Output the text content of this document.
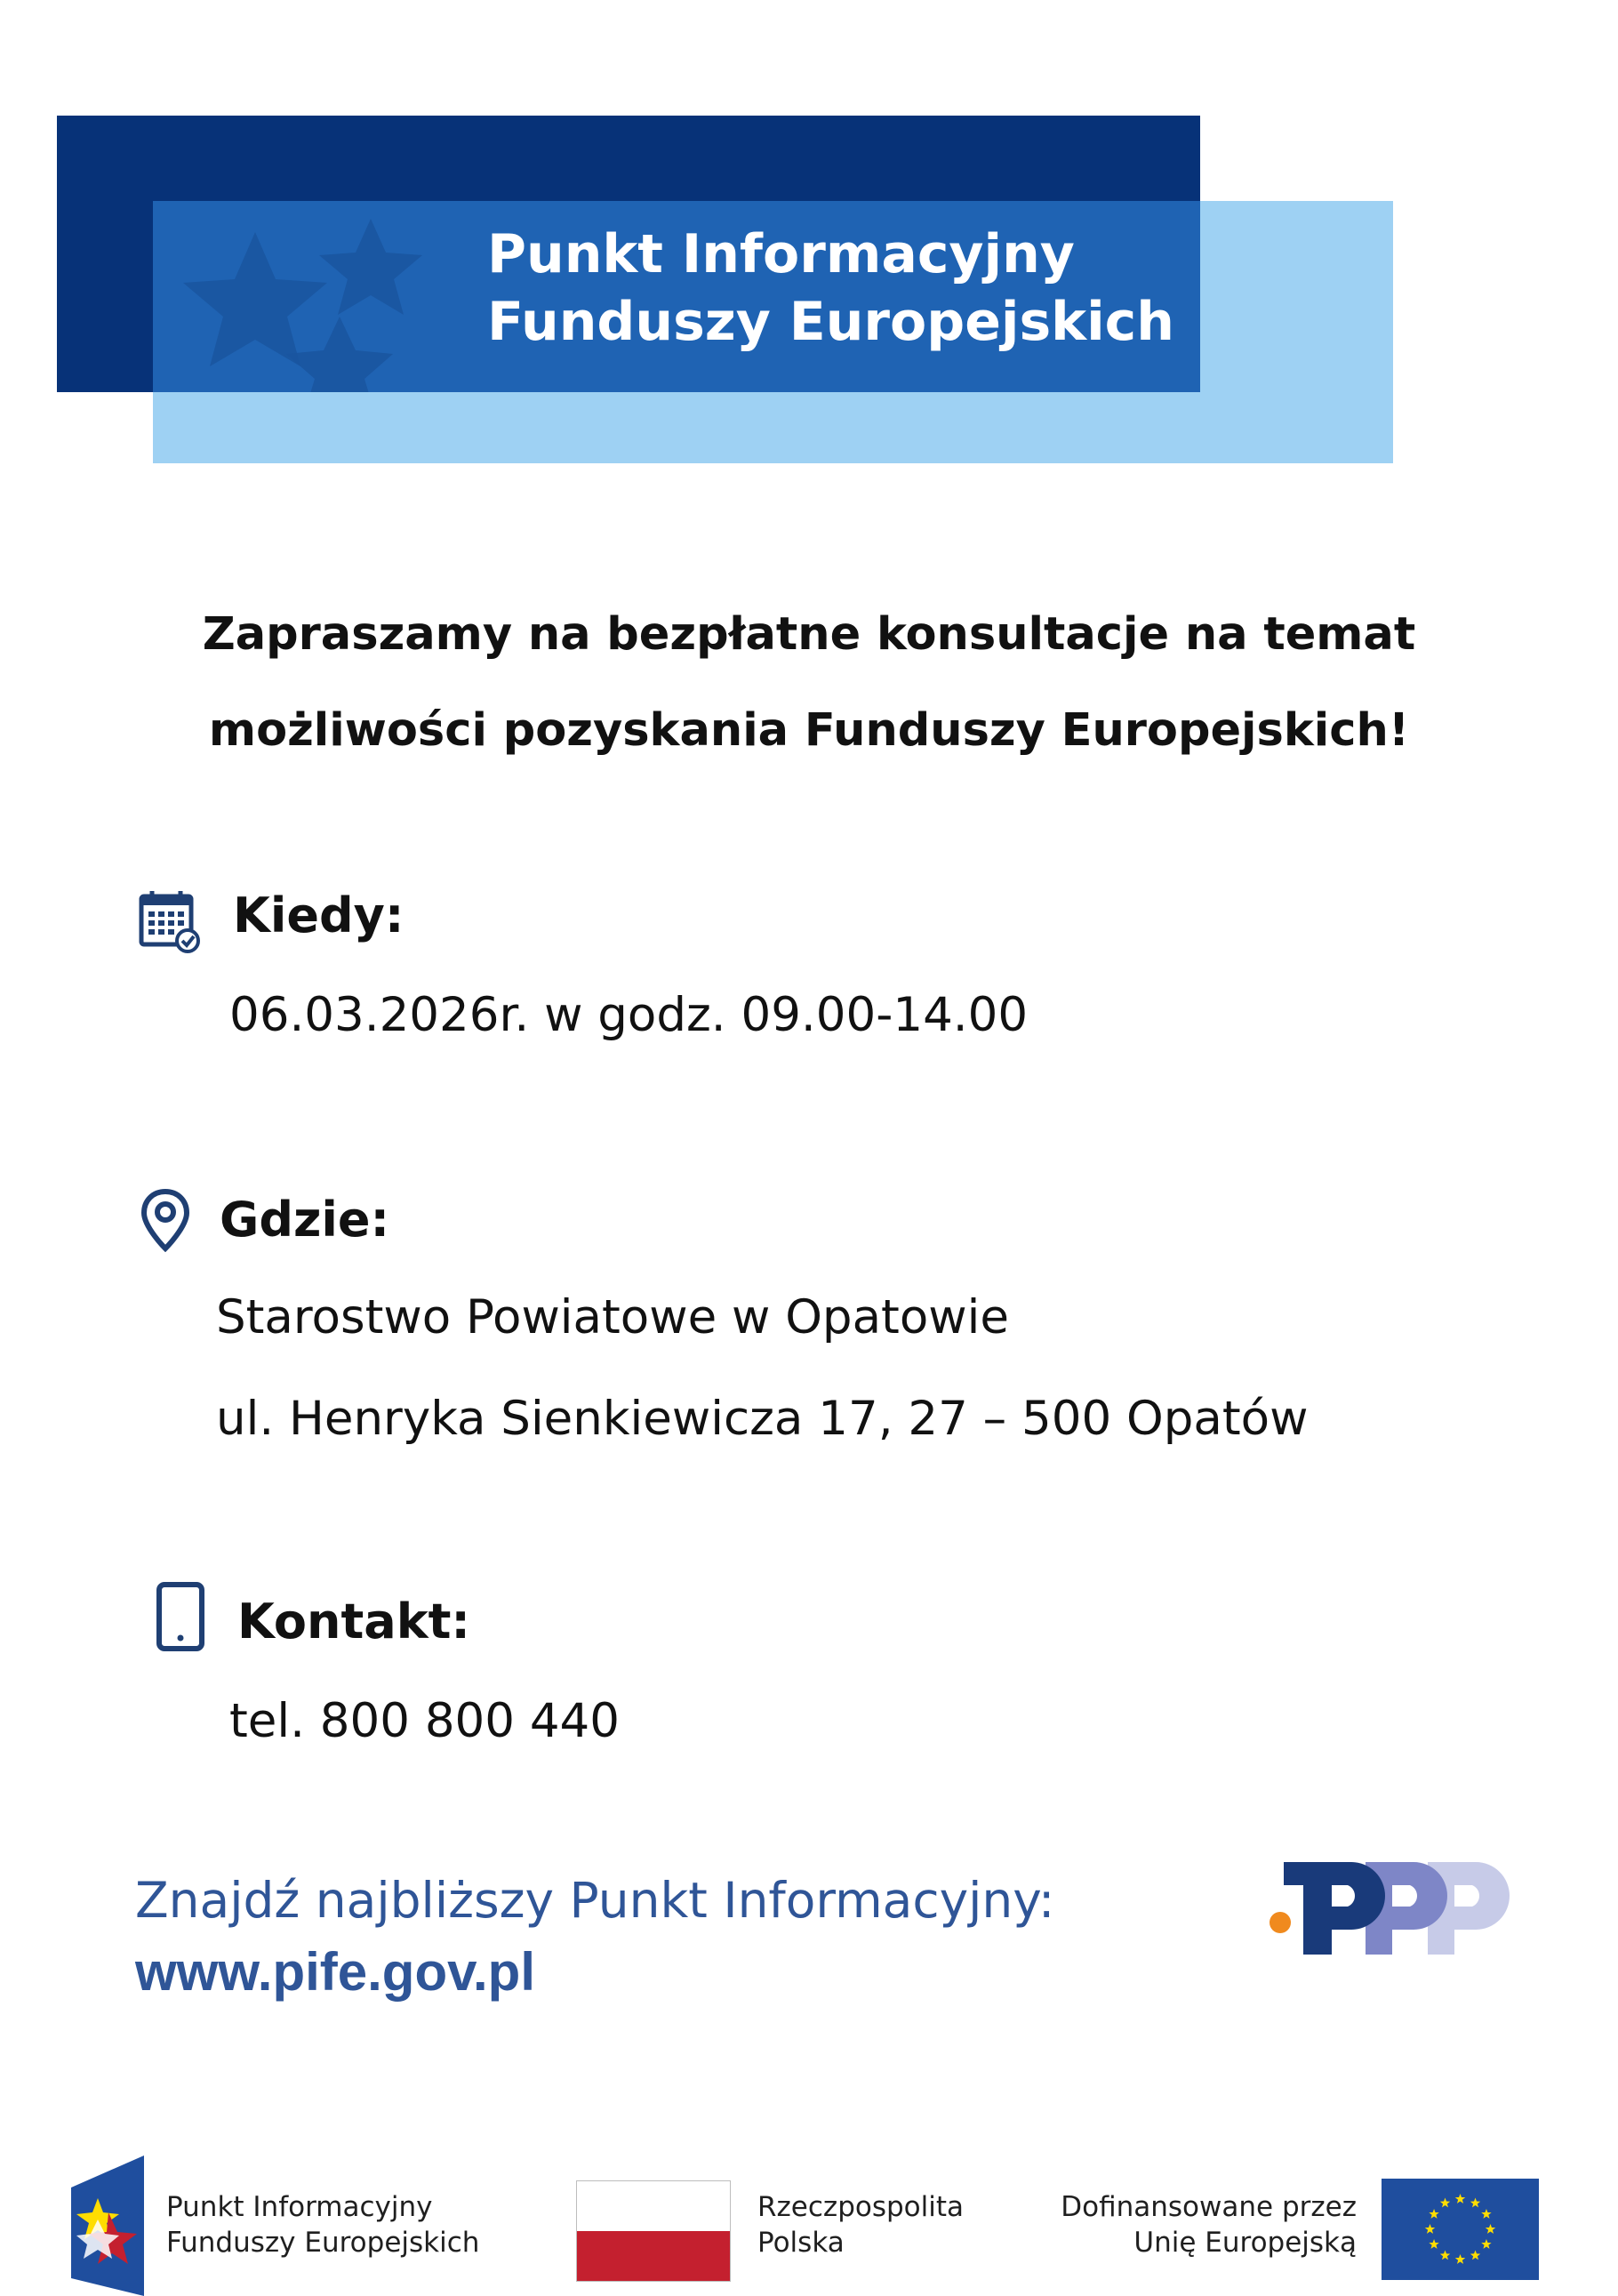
Punkt Informacyjny
Funduszy Europejskich
Zapraszamy na bezpłatne konsultacje na temat
możliwości pozyskania Funduszy Europejskich!
Kiedy:
06.03.2026r. w godz. 09.00-14.00
Gdzie:
Starostwo Powiatowe w Opatowie
ul. Henryka Sienkiewicza 17, 27 – 500 Opatów
Kontakt:
tel. 800 800 440
Znajdź najbliższy Punkt Informacyjny:
www.pife.gov.pl
Punkt Informacyjny
Funduszy Europejskich
Rzeczpospolita
Polska
Dofinansowane przez
Unię Europejską
